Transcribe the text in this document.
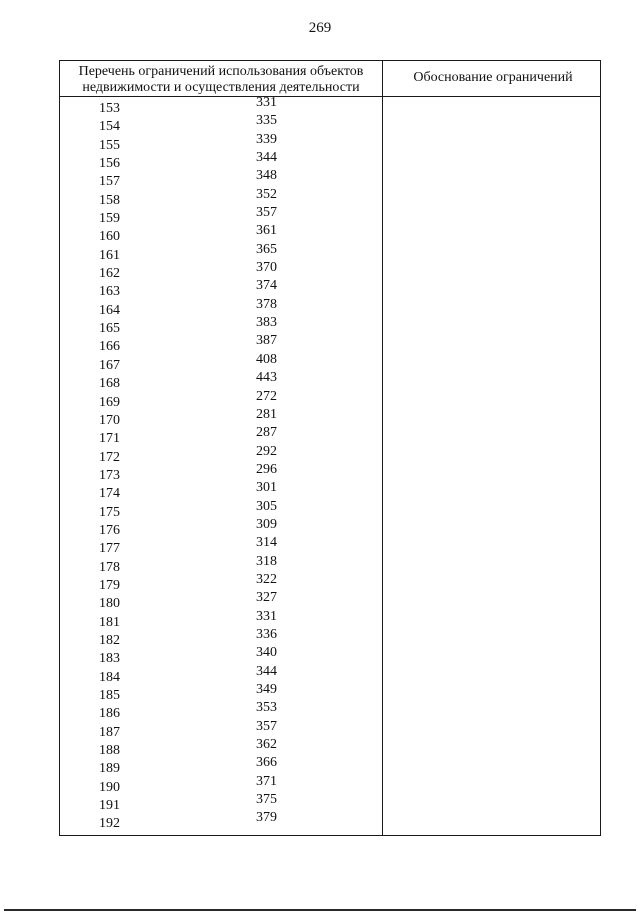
269
Перечень ограничений использования объектов
недвижимости и осуществления деятельности
Обоснование ограничений
153	331
154	335
155	339
156	344
157	348
158	352
159	357
160	361
161	365
162	370
163	374
164	378
165	383
166	387
167	408
168	443
169	272
170	281
171	287
172	292
173	296
174	301
175	305
176	309
177	314
178	318
179	322
180	327
181	331
182	336
183	340
184	344
185	349
186	353
187	357
188	362
189	366
190	371
191	375
192	379
